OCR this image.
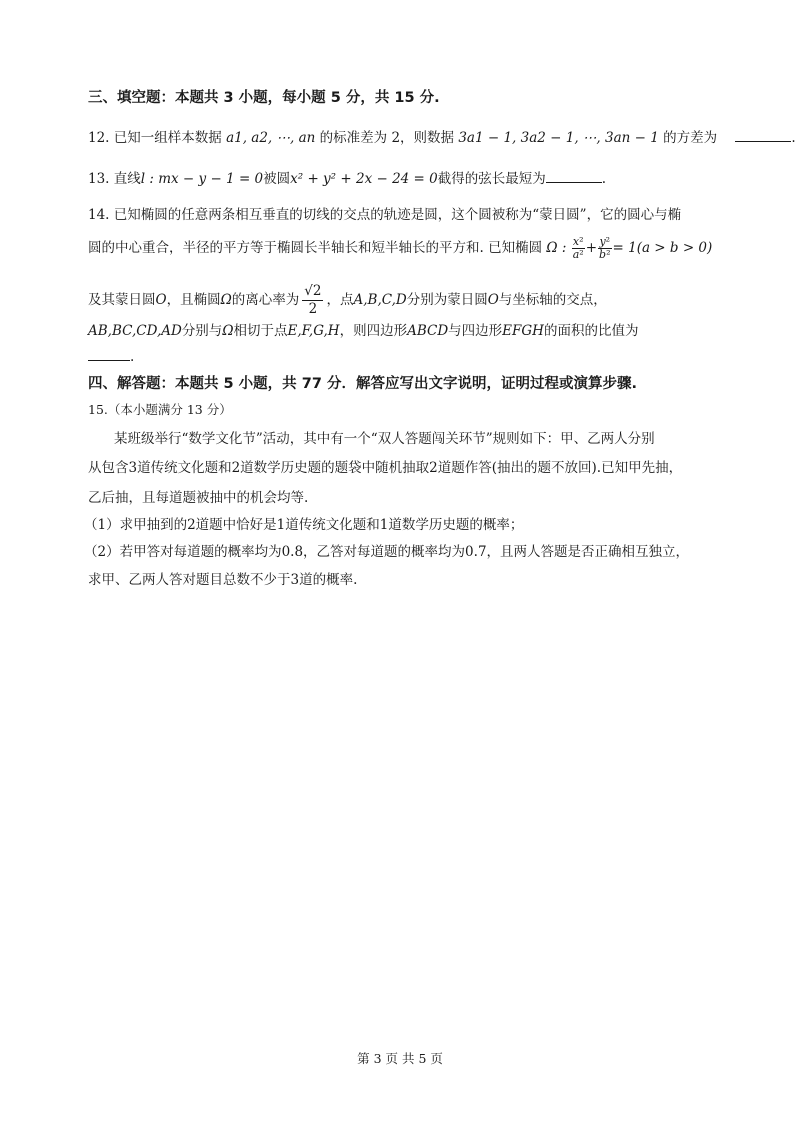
三、填空题：本题共 3 小题，每小题 5 分，共 15 分.
12. 已知一组样本数据 a1, a2, ⋯, an 的标准差为 2，则数据 3a1 − 1, 3a2 − 1, ⋯, 3an − 1 的方差为	.
13. 直线l : mx − y − 1 = 0被圆x² + y² + 2x − 24 = 0截得的弦长最短为	.
14. 已知椭圆的任意两条相互垂直的切线的交点的轨迹是圆，这个圆被称为“蒙日圆”，它的圆心与椭
圆的中心重合，半径的平方等于椭圆长半轴长和短半轴长的平方和. 已知椭圆 Ω : $\frac{\text{x²}}{\text{a²}} + \frac{\text{y²}}{\text{b²}} = 1(a > b > 0)$
及其蒙日圆O，且椭圆Ω的离心率为 $\frac{√2}{2}$ ，点A,B,C,D分别为蒙日圆O与坐标轴的交点，
AB,BC,CD,AD分别与Ω相切于点E,F,G,H，则四边形ABCD与四边形EFGH的面积的比值为
.
四、解答题：本题共 5 小题，共 77 分．解答应写出文字说明，证明过程或演算步骤.
15.（本小题满分 13 分）
某班级举行“数学文化节”活动，其中有一个“双人答题闯关环节”规则如下：甲、乙两人分别
从包含3道传统文化题和2道数学历史题的题袋中随机抽取2道题作答(抽出的题不放回).已知甲先抽，
乙后抽，且每道题被抽中的机会均等.
（1）求甲抽到的2道题中恰好是1道传统文化题和1道数学历史题的概率；
（2）若甲答对每道题的概率均为0.8，乙答对每道题的概率均为0.7，且两人答题是否正确相互独立，
求甲、乙两人答对题目总数不少于3道的概率.
第 3 页 共 5 页
